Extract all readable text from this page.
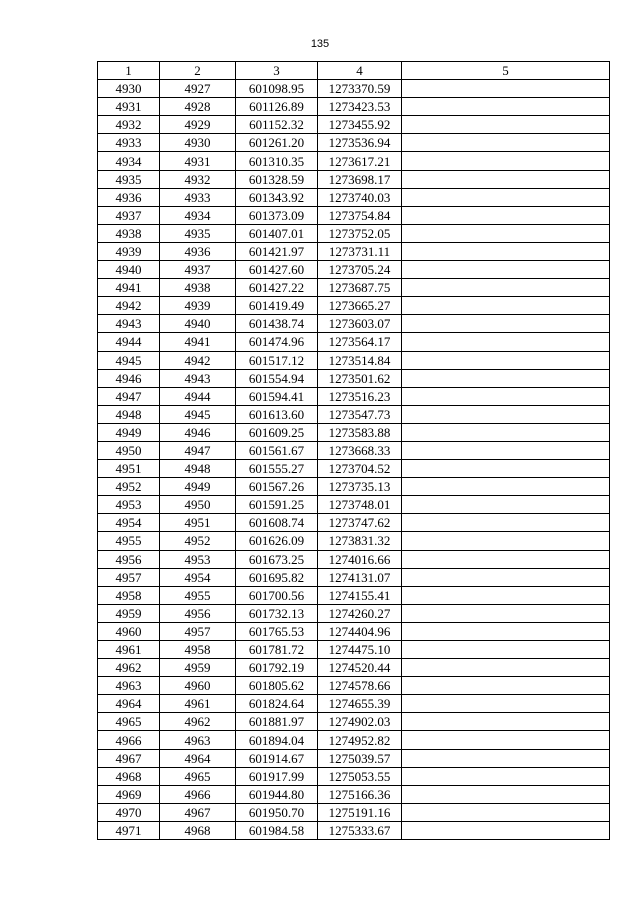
135
1	2	3	4	5
4930	4927	601098.95	1273370.59	
4931	4928	601126.89	1273423.53	
4932	4929	601152.32	1273455.92	
4933	4930	601261.20	1273536.94	
4934	4931	601310.35	1273617.21	
4935	4932	601328.59	1273698.17	
4936	4933	601343.92	1273740.03	
4937	4934	601373.09	1273754.84	
4938	4935	601407.01	1273752.05	
4939	4936	601421.97	1273731.11	
4940	4937	601427.60	1273705.24	
4941	4938	601427.22	1273687.75	
4942	4939	601419.49	1273665.27	
4943	4940	601438.74	1273603.07	
4944	4941	601474.96	1273564.17	
4945	4942	601517.12	1273514.84	
4946	4943	601554.94	1273501.62	
4947	4944	601594.41	1273516.23	
4948	4945	601613.60	1273547.73	
4949	4946	601609.25	1273583.88	
4950	4947	601561.67	1273668.33	
4951	4948	601555.27	1273704.52	
4952	4949	601567.26	1273735.13	
4953	4950	601591.25	1273748.01	
4954	4951	601608.74	1273747.62	
4955	4952	601626.09	1273831.32	
4956	4953	601673.25	1274016.66	
4957	4954	601695.82	1274131.07	
4958	4955	601700.56	1274155.41	
4959	4956	601732.13	1274260.27	
4960	4957	601765.53	1274404.96	
4961	4958	601781.72	1274475.10	
4962	4959	601792.19	1274520.44	
4963	4960	601805.62	1274578.66	
4964	4961	601824.64	1274655.39	
4965	4962	601881.97	1274902.03	
4966	4963	601894.04	1274952.82	
4967	4964	601914.67	1275039.57	
4968	4965	601917.99	1275053.55	
4969	4966	601944.80	1275166.36	
4970	4967	601950.70	1275191.16	
4971	4968	601984.58	1275333.67	
